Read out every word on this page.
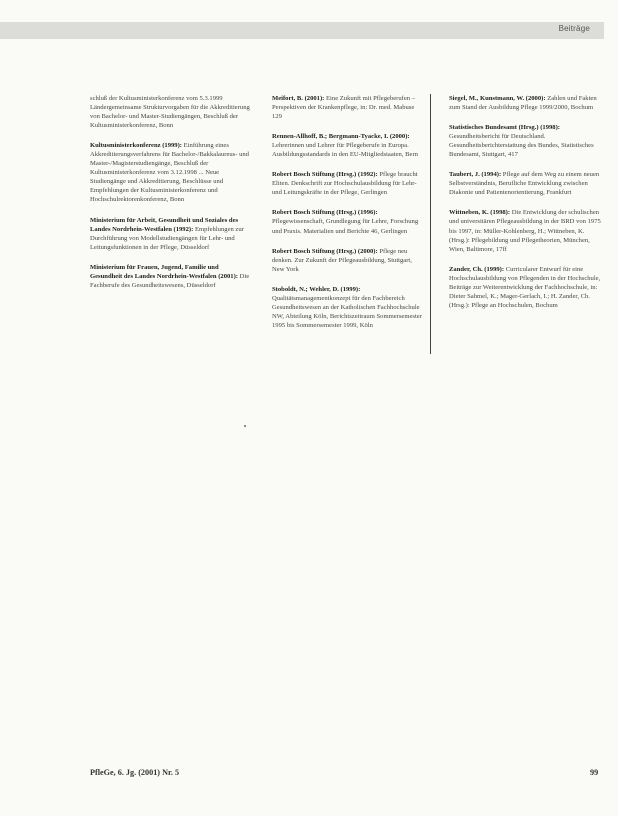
Beiträge
schluß der Kultusministerkonferenz vom 5.3.1999 Ländergemeinsame Strukturvorgaben für die Akkreditierung von Bachelor- und Master-Studiengängen, Beschluß der Kultusministerkonferenz, Bonn
Kultusministerkonferenz (1999): Einführung eines Akkreditierungsverfahrens für Bachelor-/Bakkalaureus- und Master-/Magisterstudiengänge, Beschluß der Kultusministerkonferenz vom 3.12.1998 ... Neue Studiengänge und Akkreditierung, Beschlüsse und Empfehlungen der Kultusministerkonferenz und Hochschulrektorenkonferenz, Bonn
Ministerium für Arbeit, Gesundheit und Soziales des Landes Nordrhein-Westfalen (1992): Empfehlungen zur Durchführung von Modellstudiengängen für Lehr- und Leitungsfunktionen in der Pflege, Düsseldorf
Ministerium für Frauen, Jugend, Familie und Gesundheit des Landes Nordrhein-Westfalen (2001): Die Fachberufe des Gesundheitswesens, Düsseldorf
Meifort, B. (2001): Eine Zukunft mit Pflegeberufen – Perspektiven der Krankenpflege, in: Dr. med. Mabuse 129
Rennen-Allhoff, B.; Bergmann-Tyacke, I. (2000): Lehrerinnen und Lehrer für Pflegeberufe in Europa. Ausbildungsstandards in den EU-Mitgliedstaaten, Bern
Robert Bosch Stiftung (Hrsg.) (1992): Pflege braucht Eliten. Denkschrift zur Hochschulausbildung für Lehr- und Leitungskräfte in der Pflege, Gerlingen
Robert Bosch Stiftung (Hrsg.) (1996): Pflegewissenschaft, Grundlegung für Lehre, Forschung und Praxis. Materialien und Berichte 46, Gerlingen
Robert Bosch Stiftung (Hrsg.) (2000): Pflege neu denken. Zur Zukunft der Pflegeausbildung, Stuttgart, New York
Stoboldt, N.; Wehler, D. (1999): Qualitätsmanagementkonzept für den Fachbereich Gesundheitswesen an der Katholischen Fachhochschule NW, Abteilung Köln, Berichtszeitraum Sommersemester 1995 bis Sommersemester 1999, Köln
Siegel, M., Kunstmann, W. (2000): Zahlen und Fakten zum Stand der Ausbildung Pflege 1999/2000, Bochum
Statistisches Bundesamt (Hrsg.) (1998): Gesundheitsbericht für Deutschland. Gesundheitsberichterstattung des Bundes, Statistisches Bundesamt, Stuttgart, 417
Taubert, J. (1994): Pflege auf dem Weg zu einem neuen Selbstverständnis, Berufliche Entwicklung zwischen Diakonie und Patientenorientierung, Frankfurt
Wittneben, K. (1998): Die Entwicklung der schulischen und universitären Pflegeausbildung in der BRD von 1975 bis 1997, in: Müller-Kohlenberg, H.; Wittneben, K. (Hrsg.): Pflegebildung und Pflegetheorien, München, Wien, Baltimore, 17ff
Zander, Ch. (1999): Curricularer Entwurf für eine Hochschulausbildung von Pflegenden in der Hochschule, Beiträge zur Weiterentwicklung der Fachhochschule, in: Dieter Sahmel, K.; Mager-Gerlach, I.; H. Zander, Ch. (Hrsg.): Pflege an Hochschulen, Bochum
PfleGe, 6. Jg. (2001) Nr. 5	99
